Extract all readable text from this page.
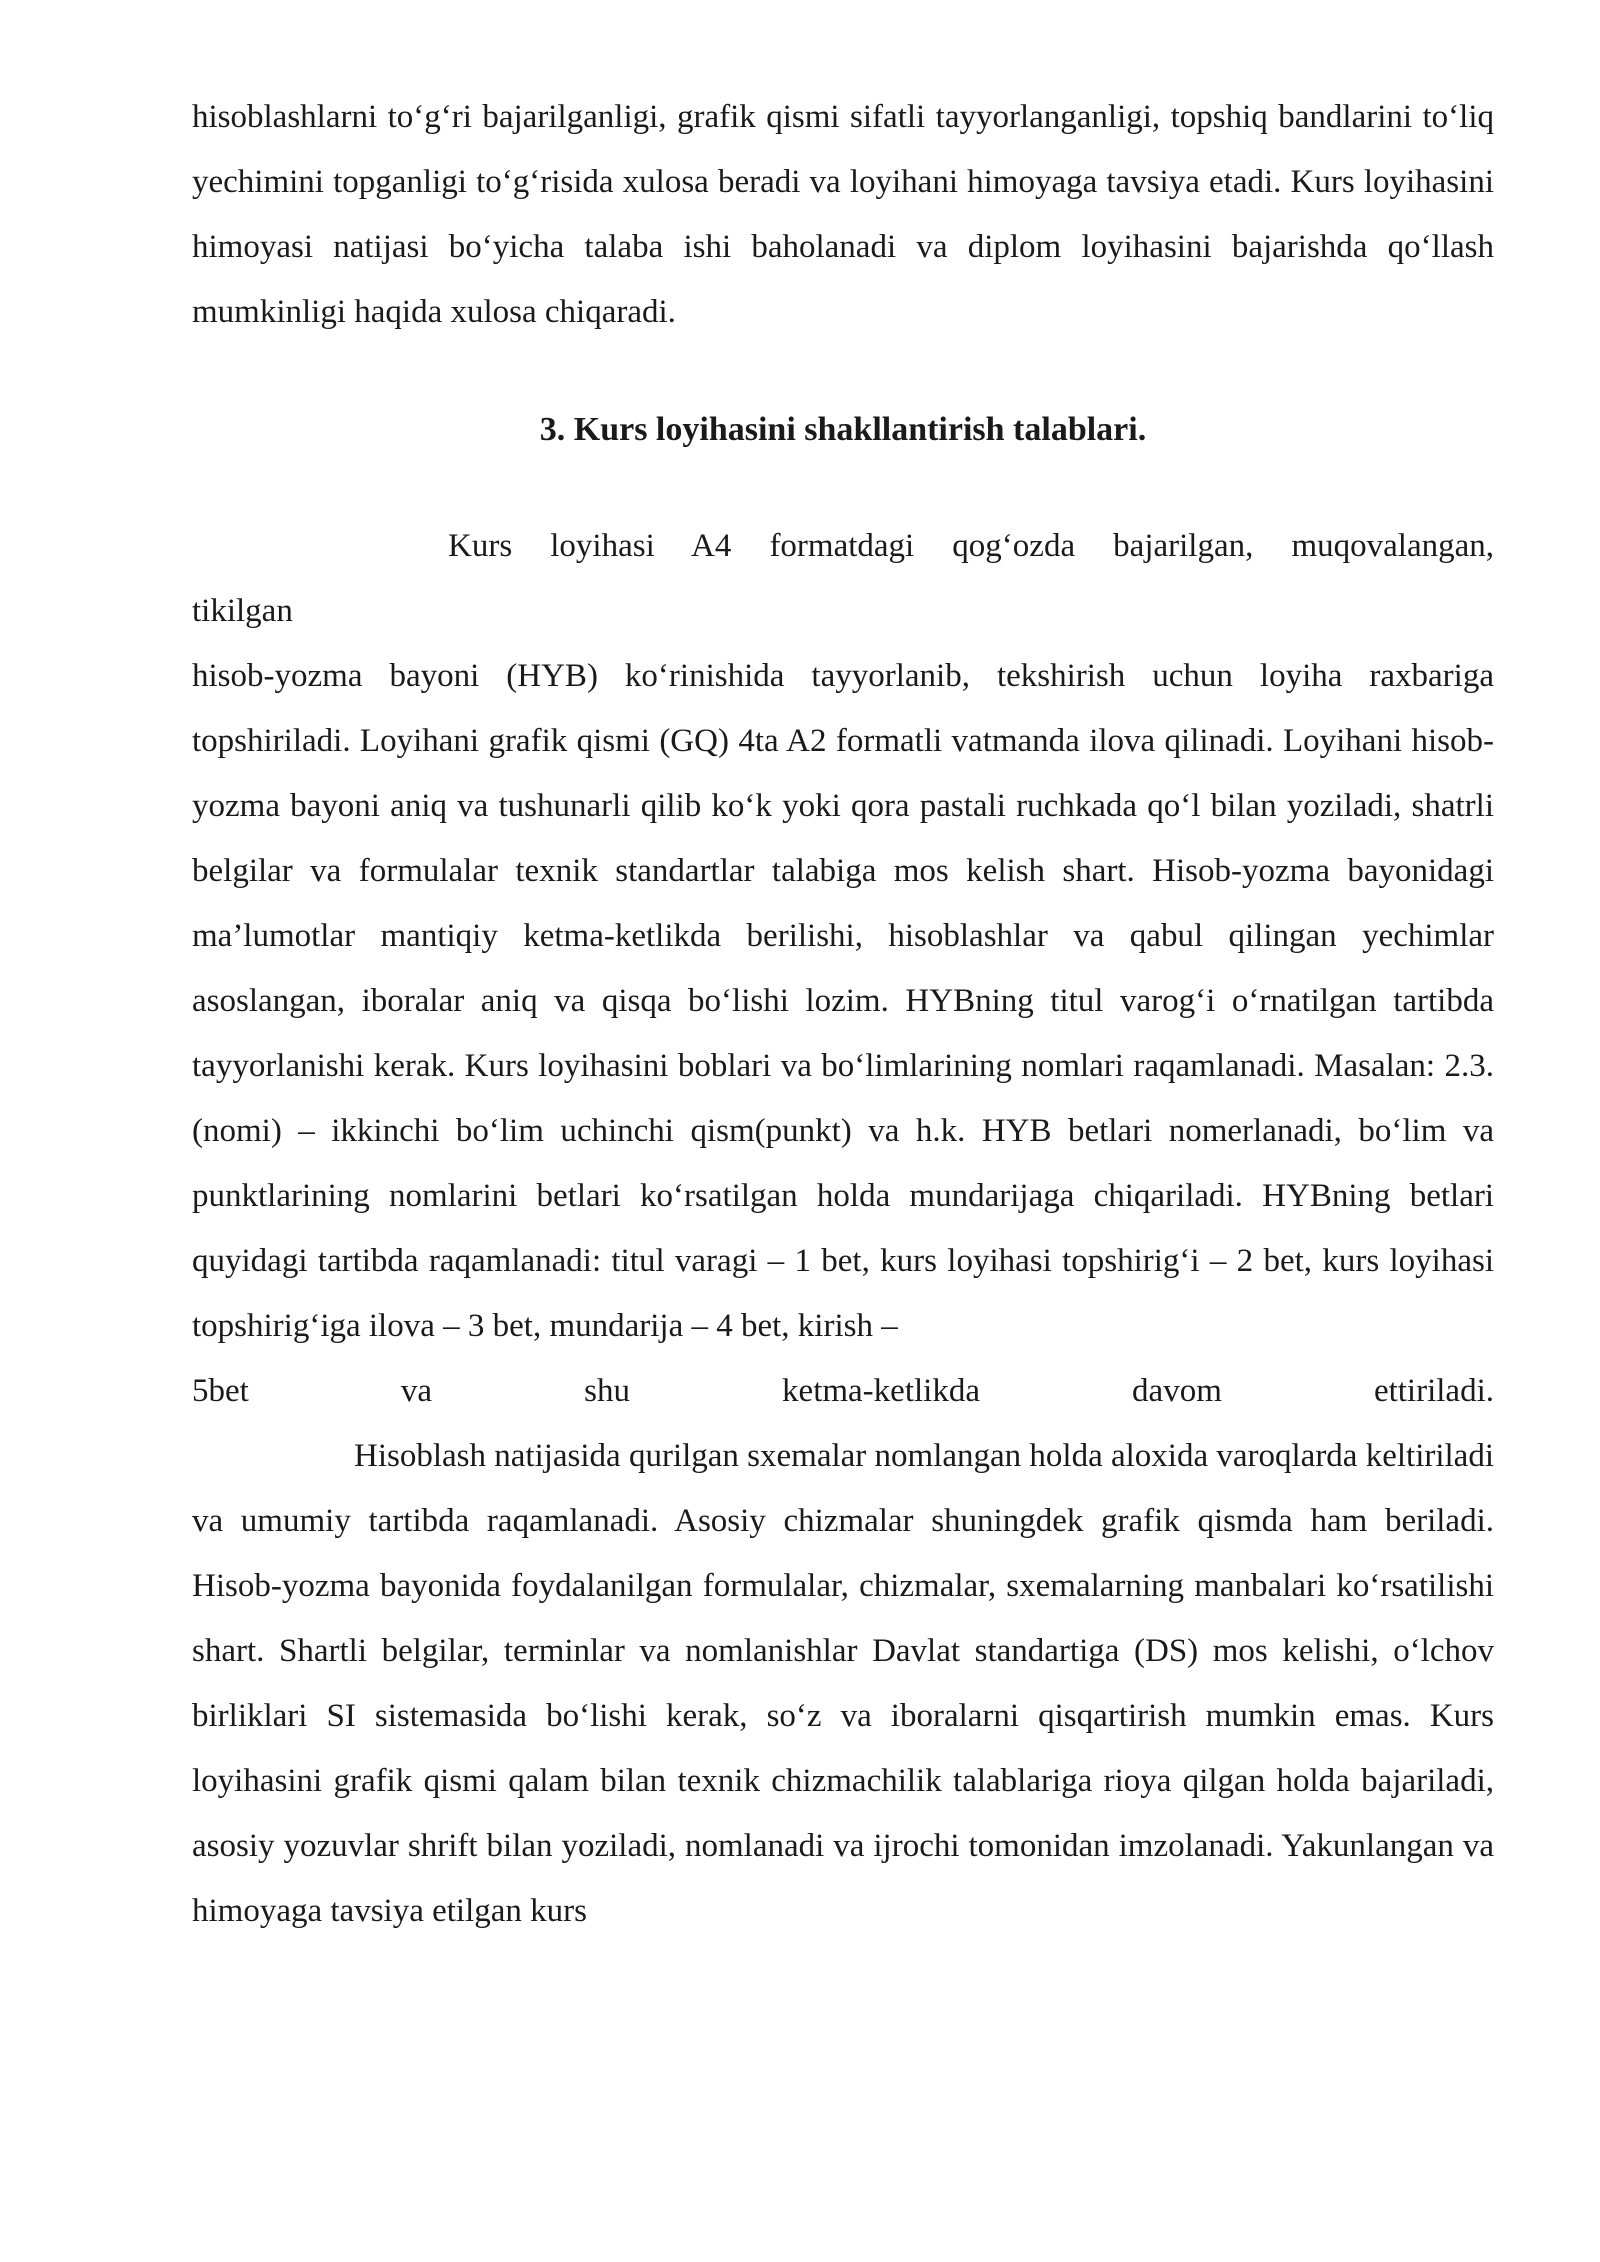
hisoblashlarni to‘g‘ri bajarilganligi, grafik qismi sifatli tayyorlanganligi, topshiq bandlarini to‘liq yechimini topganligi to‘g‘risida xulosa beradi va loyihani himoyaga tavsiya etadi. Kurs loyihasini himoyasi natijasi bo‘yicha talaba ishi baholanadi va diplom loyihasini bajarishda qo‘llash mumkinligi haqida xulosa chiqaradi.

3. Kurs loyihasini shakllantirish talablari.
Kurs loyihasi A4 formatdagi qog‘ozda bajarilgan, muqovalangan,
tikilgan
hisob-yozma bayoni (HYB) ko‘rinishida tayyorlanib, tekshirish uchun loyiha raxbariga topshiriladi. Loyihani grafik qismi (GQ) 4ta A2 formatli vatmanda ilova qilinadi. Loyihani hisob-yozma bayoni aniq va tushunarli qilib ko‘k yoki qora pastali ruchkada qo‘l bilan yoziladi, shatrli belgilar va formulalar texnik standartlar talabiga mos kelish shart. Hisob-yozma bayonidagi ma’lumotlar mantiqiy ketma-ketlikda berilishi, hisoblashlar va qabul qilingan yechimlar asoslangan, iboralar aniq va qisqa bo‘lishi lozim. HYBning titul varog‘i o‘rnatilgan tartibda tayyorlanishi kerak. Kurs loyihasini boblari va bo‘limlarining nomlari raqamlanadi. Masalan: 2.3. (nomi) – ikkinchi bo‘lim uchinchi qism(punkt) va h.k. HYB betlari nomerlanadi, bo‘lim va punktlarining nomlarini betlari ko‘rsatilgan holda mundarijaga chiqariladi. HYBning betlari quyidagi tartibda raqamlanadi: titul varagi – 1 bet, kurs loyihasi topshirig‘i – 2 bet, kurs loyihasi topshirig‘iga ilova – 3 bet, mundarija – 4 bet, kirish –
5bet va shu ketma-ketlikda davom ettiriladi.

Hisoblash natijasida qurilgan sxemalar nomlangan holda aloxida varoqlarda keltiriladi va umumiy tartibda raqamlanadi. Asosiy chizmalar shuningdek grafik qismda ham beriladi. Hisob-yozma bayonida foydalanilgan formulalar, chizmalar, sxemalarning manbalari ko‘rsatilishi shart. Shartli belgilar, terminlar va nomlanishlar Davlat standartiga (DS) mos kelishi, o‘lchov birliklari SI sistemasida bo‘lishi kerak, so‘z va iboralarni qisqartirish mumkin emas. Kurs loyihasini grafik qismi qalam bilan texnik chizmachilik talablariga rioya qilgan holda bajariladi, asosiy yozuvlar shrift bilan yoziladi, nomlanadi va ijrochi tomonidan imzolanadi. Yakunlangan va himoyaga tavsiya etilgan kurs
